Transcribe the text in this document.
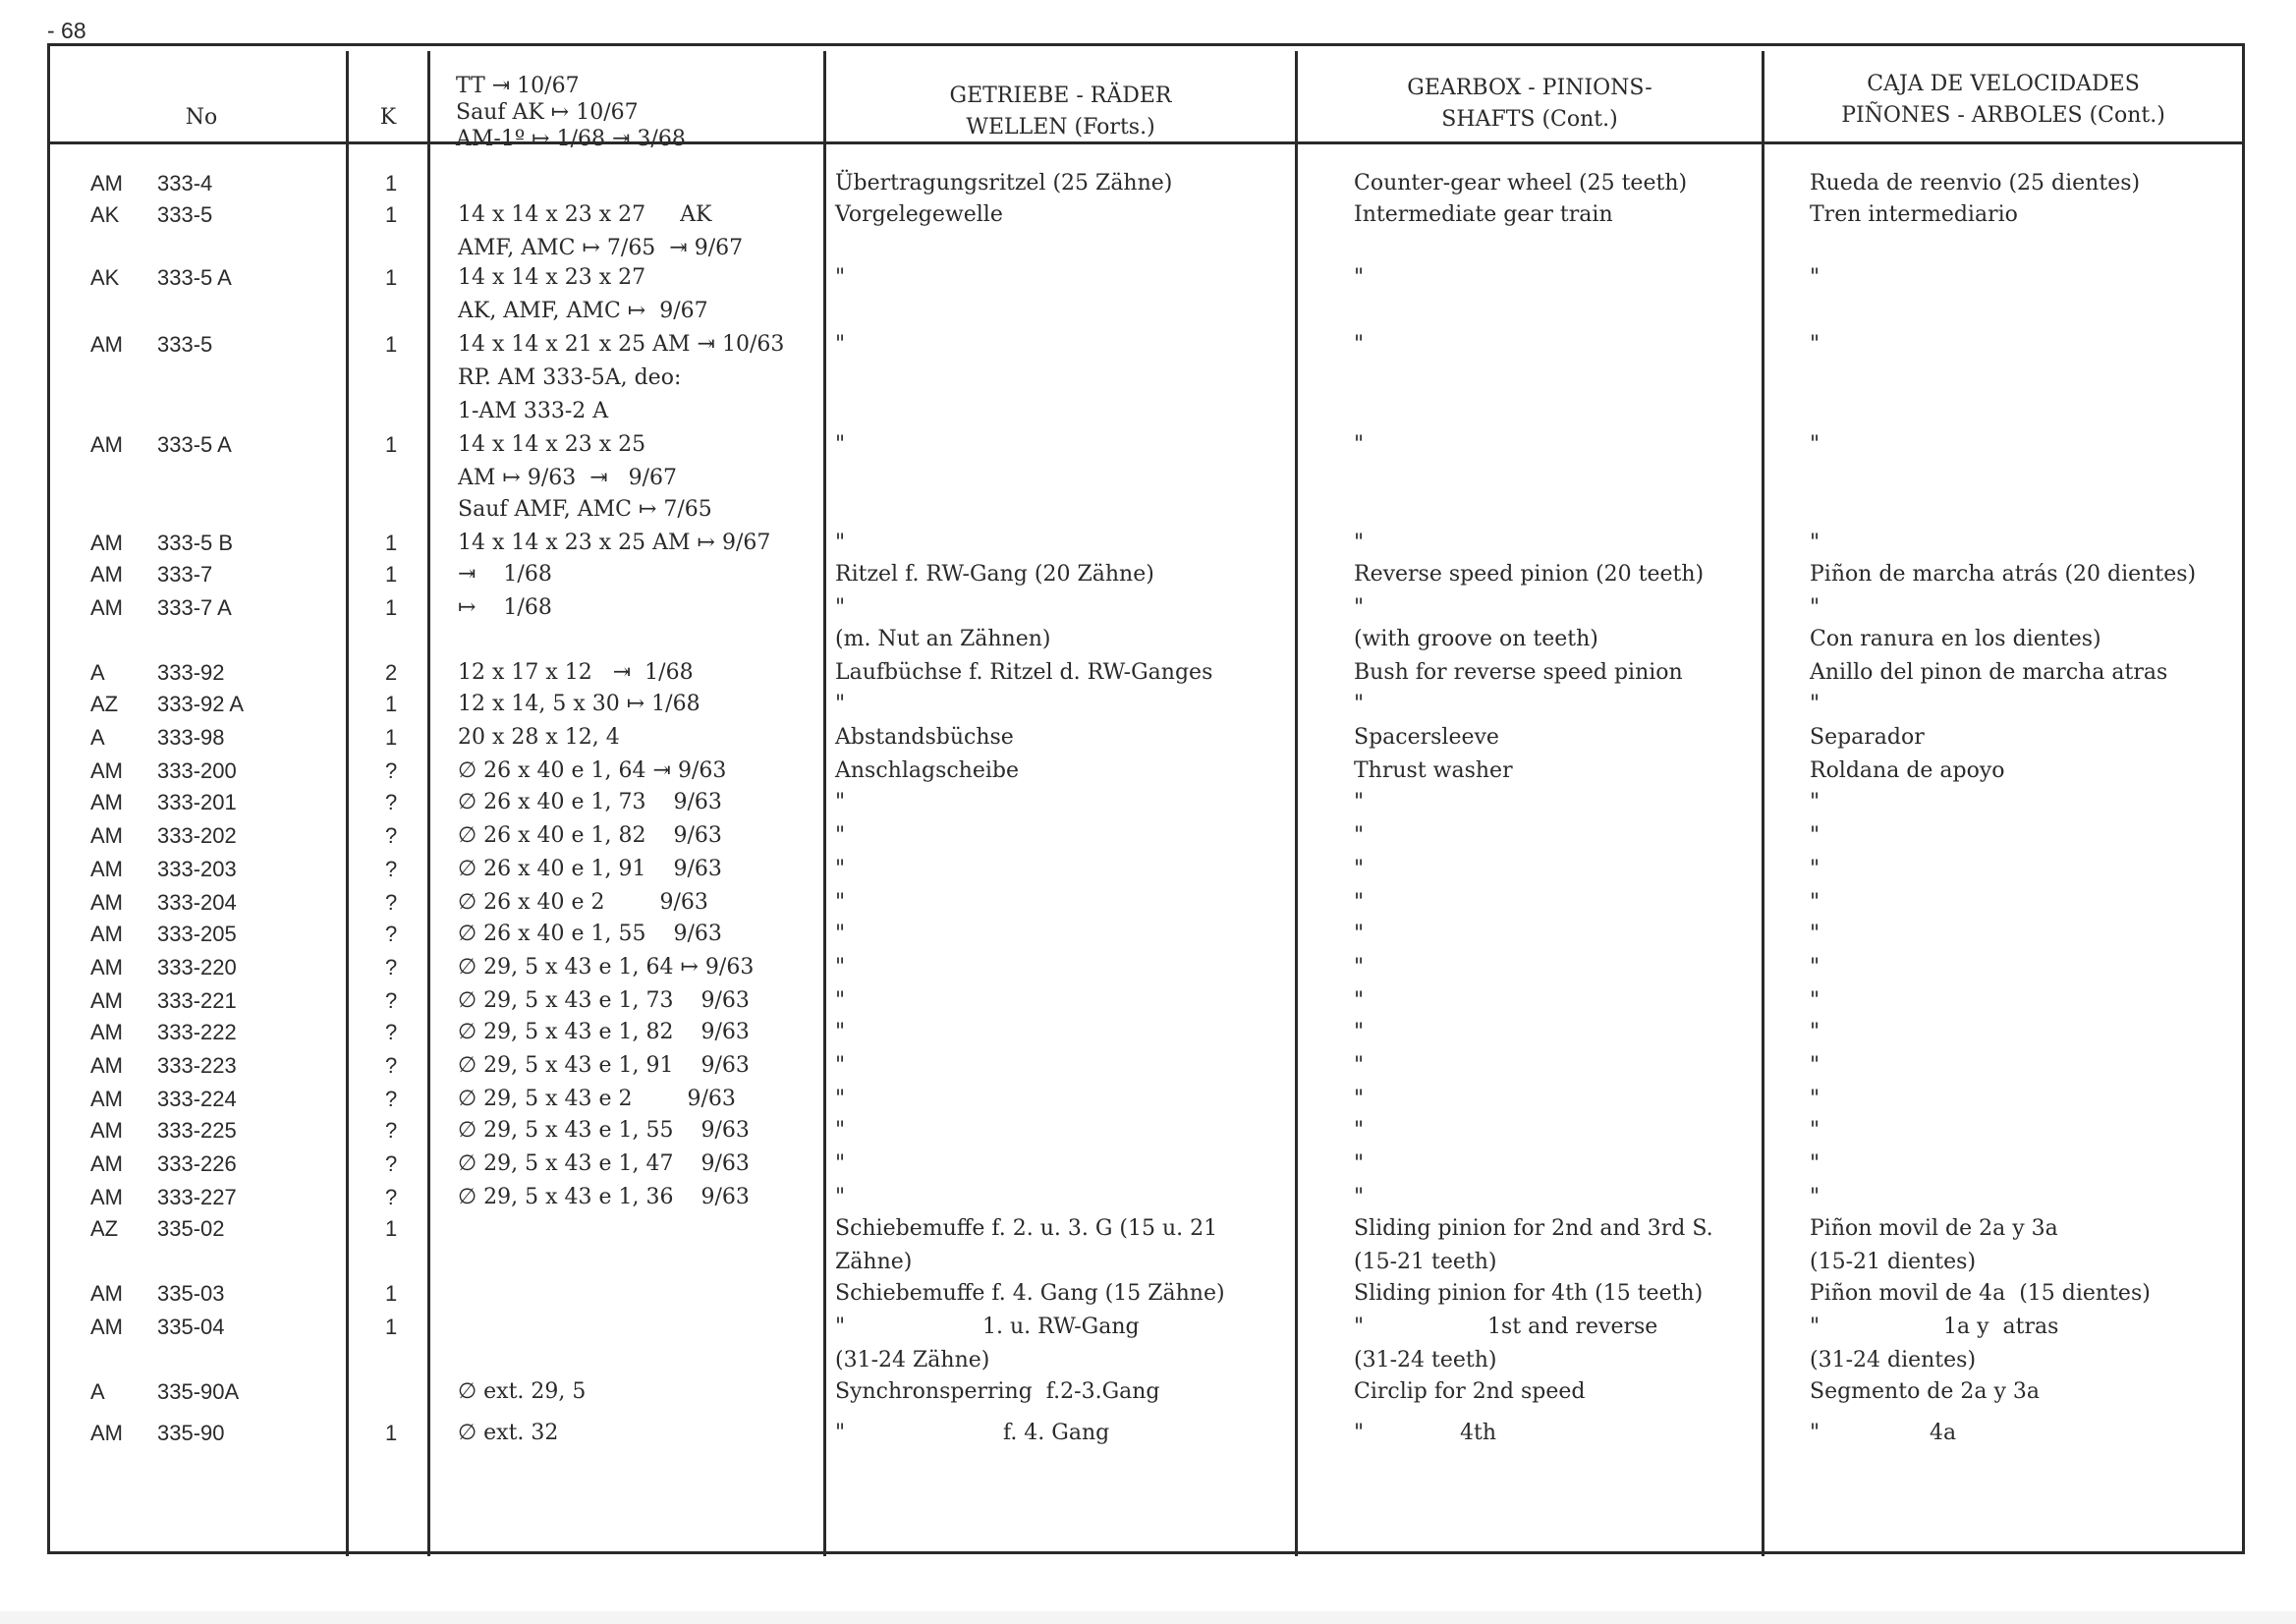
- 68
No	K
TT ⇥ 10/67
Sauf AK ↦ 10/67
AM-1º ↦ 1/68 ⇥ 3/68
GETRIEBE - RÄDER
WELLEN (Forts.)
GEARBOX - PINIONS-
SHAFTS (Cont.)
CAJA DE VELOCIDADES
PIÑONES - ARBOLES (Cont.)
AM 333-4	1	Übertragungsritzel (25 Zähne)	Counter-gear wheel (25 teeth)	Rueda de reenvio (25 dientes)
AK 333-5	1	14 x 14 x 23 x 27     AK	Vorgelegewelle	Intermediate gear train	Tren intermediario
AMF, AMC ↦ 7/65  ⇥ 9/67
AK 333-5 A	1	14 x 14 x 23 x 27	"	"	"
AK, AMF, AMC ↦  9/67
AM 333-5	1	14 x 14 x 21 x 25 AM ⇥ 10/63 "	"	"
RP. AM 333-5A, deo:
1-AM 333-2 A
AM 333-5 A	1	14 x 14 x 23 x 25	"	"	"
AM ↦ 9/63  ⇥   9/67
Sauf AMF, AMC ↦ 7/65
AM 333-5 B	1	14 x 14 x 23 x 25 AM ↦ 9/67	"	"	"
AM 333-7	1	⇥    1/68	Ritzel f. RW-Gang (20 Zähne)	Reverse speed pinion (20 teeth)	Piñon de marcha atrás (20 dientes)
AM 333-7 A	1	↦    1/68	"	"	"
(m. Nut an Zähnen)	(with groove on teeth)	Con ranura en los dientes)
A 333-92	2	12 x 17 x 12   ⇥  1/68	Laufbüchse f. Ritzel d. RW-Ganges	Bush for reverse speed pinion	Anillo del pinon de marcha atras
AZ 333-92 A	1	12 x 14, 5 x 30 ↦ 1/68	"	"	"
A 333-98	1	20 x 28 x 12, 4	Abstandsbüchse	Spacersleeve	Separador
AM 333-200	?	∅ 26 x 40 e 1, 64 ⇥ 9/63	Anschlagscheibe	Thrust washer	Roldana de apoyo
AM 333-201	?	∅ 26 x 40 e 1, 73    9/63	"	"	"
AM 333-202	?	∅ 26 x 40 e 1, 82    9/63	"	"	"
AM 333-203	?	∅ 26 x 40 e 1, 91    9/63	"	"	"
AM 333-204	?	∅ 26 x 40 e 2        9/63	"	"	"
AM 333-205	?	∅ 26 x 40 e 1, 55    9/63	"	"	"
AM 333-220	?	∅ 29, 5 x 43 e 1, 64 ↦ 9/63	"	"	"
AM 333-221	?	∅ 29, 5 x 43 e 1, 73    9/63	"	"	"
AM 333-222	?	∅ 29, 5 x 43 e 1, 82    9/63	"	"	"
AM 333-223	?	∅ 29, 5 x 43 e 1, 91    9/63	"	"	"
AM 333-224	?	∅ 29, 5 x 43 e 2        9/63	"	"	"
AM 333-225	?	∅ 29, 5 x 43 e 1, 55    9/63	"	"	"
AM 333-226	?	∅ 29, 5 x 43 e 1, 47    9/63	"	"	"
AM 333-227	?	∅ 29, 5 x 43 e 1, 36    9/63	"	"	"
AZ 335-02	1	Schiebemuffe f. 2. u. 3. G (15 u. 21	Sliding pinion for 2nd and 3rd S.	Piñon movil de 2a y 3a
Zähne)	(15-21 teeth)	(15-21 dientes)
AM 335-03	1	Schiebemuffe f. 4. Gang (15 Zähne)	Sliding pinion for 4th (15 teeth)	Piñon movil de 4a  (15 dientes)
AM 335-04	1	"                    1. u. RW-Gang	"                  1st and reverse	"                  1a y  atras
(31-24 Zähne)	(31-24 teeth)	(31-24 dientes)
A 335-90A	∅ ext. 29, 5	Synchronsperring  f.2-3.Gang	Circlip for 2nd speed	Segmento de 2a y 3a
AM 335-90	1	∅ ext. 32	"                       f. 4. Gang	"              4th	"                4a
